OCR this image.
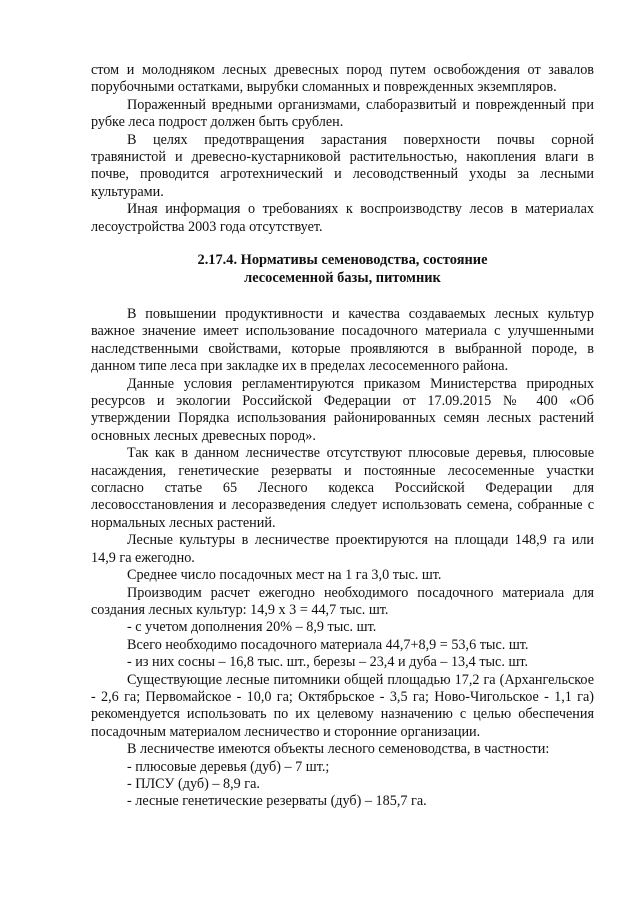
стом и молодняком лесных древесных пород путем освобождения от завалов порубочными остатками, вырубки сломанных и поврежденных экземпляров.

Пораженный вредными организмами, слаборазвитый и поврежденный при рубке леса подрост должен быть срублен.

В целях предотвращения зарастания поверхности почвы сорной травянистой и древесно-кустарниковой растительностью, накопления влаги в почве, проводится агротехнический и лесоводственный уходы за лесными культурами.

Иная информация о требованиях к воспроизводству лесов в материалах лесоустройства 2003 года отсутствует.

2.17.4. Нормативы семеноводства, состояние
лесосеменной базы, питомник

В повышении продуктивности и качества создаваемых лесных культур важное значение имеет использование посадочного материала с улучшенными наследственными свойствами, которые проявляются в выбранной породе, в данном типе леса при закладке их в пределах лесосеменного района.

Данные условия регламентируются приказом Министерства природных ресурсов и экологии Российской Федерации от 17.09.2015 № 400 «Об утверждении Порядка использования районированных семян лесных растений основных лесных древесных пород».

Так как в данном лесничестве отсутствуют плюсовые деревья, плюсовые насаждения, генетические резерваты и постоянные лесосеменные участки согласно статье 65 Лесного кодекса Российской Федерации для лесовосстановления и лесоразведения следует использовать семена, собранные с нормальных лесных растений.

Лесные культуры в лесничестве проектируются на площади 148,9 га или 14,9 га ежегодно.

Среднее число посадочных мест на 1 га 3,0 тыс. шт.

Производим расчет ежегодно необходимого посадочного материала для создания лесных культур: 14,9 х 3 = 44,7 тыс. шт.

- с учетом дополнения 20% – 8,9 тыс. шт.

Всего необходимо посадочного материала 44,7+8,9 = 53,6 тыс. шт.

- из них сосны – 16,8 тыс. шт., березы – 23,4 и дуба – 13,4 тыс. шт.

Существующие лесные питомники общей площадью 17,2 га (Архангельское - 2,6 га; Первомайское - 10,0 га; Октябрьское - 3,5 га; Ново-Чигольское - 1,1 га) рекомендуется использовать по их целевому назначению с целью обеспечения посадочным материалом лесничество и сторонние организации.

В лесничестве имеются объекты лесного семеноводства, в частности:

- плюсовые деревья (дуб) – 7 шт.;

- ПЛСУ (дуб) – 8,9 га.

- лесные генетические резерваты (дуб) – 185,7 га.
